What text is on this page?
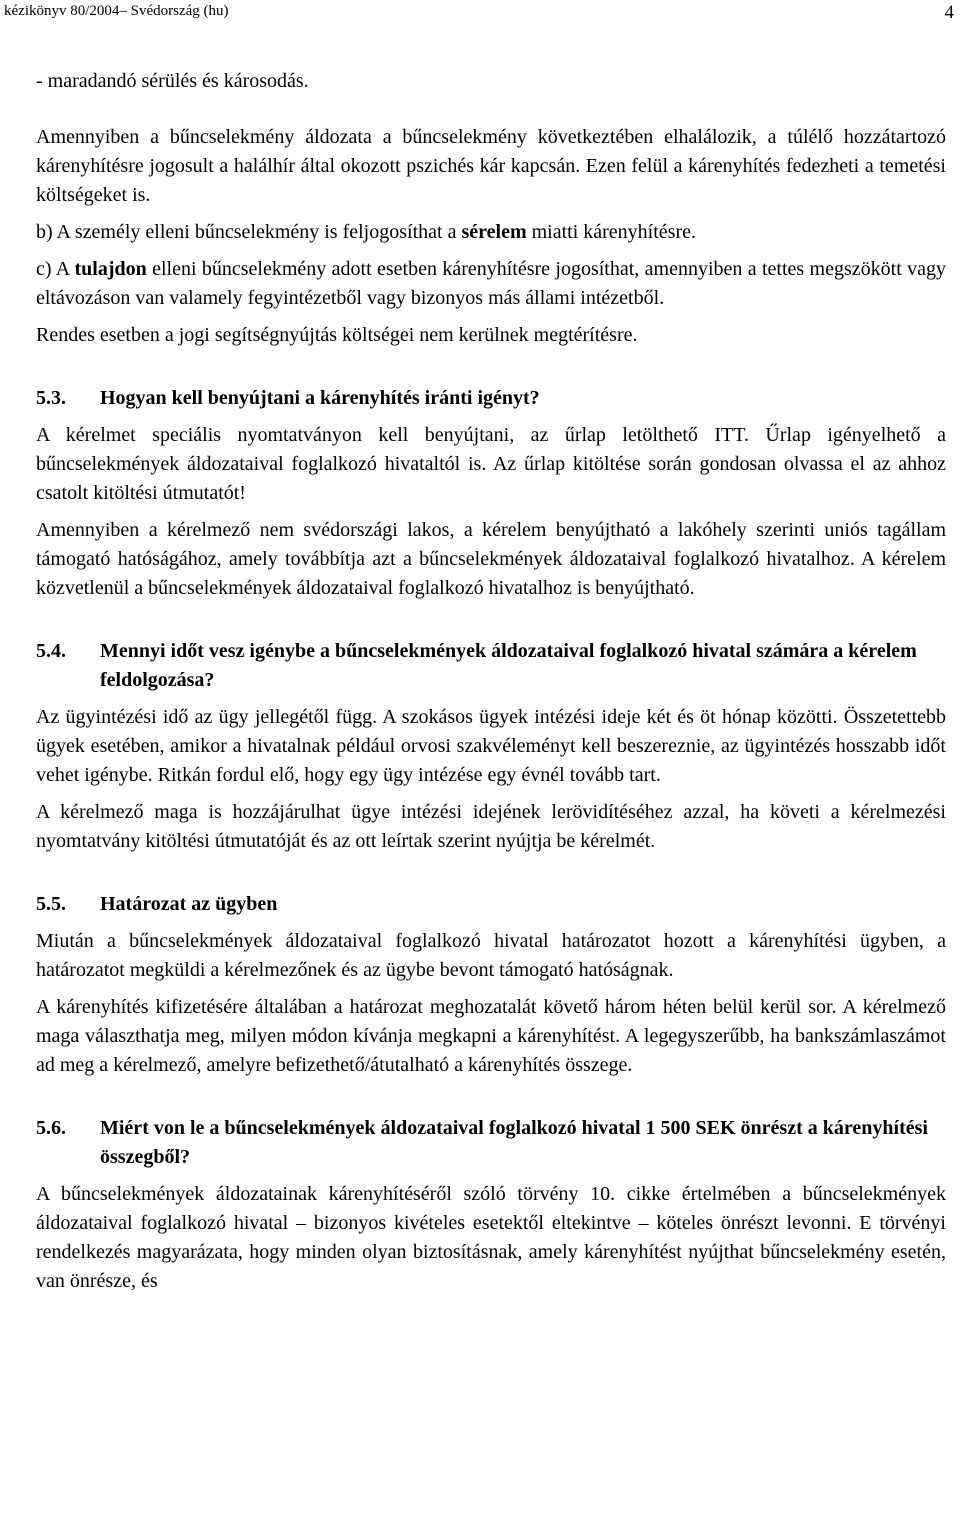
kézikönyv 80/2004– Svédország (hu)	4

- maradandó sérülés és károsodás.

Amennyiben a bűncselekmény áldozata a bűncselekmény következtében elhalálozik, a túlélő hozzátartozó kárenyhítésre jogosult a halálhír által okozott pszichés kár kapcsán. Ezen felül a kárenyhítés fedezheti a temetési költségeket is.

b) A személy elleni bűncselekmény is feljogosíthat a sérelem miatti kárenyhítésre.

c) A tulajdon elleni bűncselekmény adott esetben kárenyhítésre jogosíthat, amennyiben a tettes megszökött vagy eltávozáson van valamely fegyintézetből vagy bizonyos más állami intézetből.

Rendes esetben a jogi segítségnyújtás költségei nem kerülnek megtérítésre.

5.3.	Hogyan kell benyújtani a kárenyhítés iránti igényt?

A kérelmet speciális nyomtatványon kell benyújtani, az űrlap letölthető ITT. Űrlap igényelhető a bűncselekmények áldozataival foglalkozó hivataltól is. Az űrlap kitöltése során gondosan olvassa el az ahhoz csatolt kitöltési útmutatót!

Amennyiben a kérelmező nem svédországi lakos, a kérelem benyújtható a lakóhely szerinti uniós tagállam támogató hatóságához, amely továbbítja azt a bűncselekmények áldozataival foglalkozó hivatalhoz. A kérelem közvetlenül a bűncselekmények áldozataival foglalkozó hivatalhoz is benyújtható.

5.4.	Mennyi időt vesz igénybe a bűncselekmények áldozataival foglalkozó hivatal számára a kérelem feldolgozása?

Az ügyintézési idő az ügy jellegétől függ. A szokásos ügyek intézési ideje két és öt hónap közötti. Összetettebb ügyek esetében, amikor a hivatalnak például orvosi szakvéleményt kell beszereznie, az ügyintézés hosszabb időt vehet igénybe. Ritkán fordul elő, hogy egy ügy intézése egy évnél tovább tart.

A kérelmező maga is hozzájárulhat ügye intézési idejének lerövidítéséhez azzal, ha követi a kérelmezési nyomtatvány kitöltési útmutatóját és az ott leírtak szerint nyújtja be kérelmét.

5.5.	Határozat az ügyben

Miután a bűncselekmények áldozataival foglalkozó hivatal határozatot hozott a kárenyhítési ügyben, a határozatot megküldi a kérelmezőnek és az ügybe bevont támogató hatóságnak.

A kárenyhítés kifizetésére általában a határozat meghozatalát követő három héten belül kerül sor. A kérelmező maga választhatja meg, milyen módon kívánja megkapni a kárenyhítést. A legegyszerűbb, ha bankszámlaszámot ad meg a kérelmező, amelyre befizethető/átutalható a kárenyhítés összege.

5.6.	Miért von le a bűncselekmények áldozataival foglalkozó hivatal 1 500 SEK önrészt a kárenyhítési összegből?

A bűncselekmények áldozatainak kárenyhítéséről szóló törvény 10. cikke értelmében a bűncselekmények áldozataival foglalkozó hivatal – bizonyos kivételes esetektől eltekintve – köteles önrészt levonni. E törvényi rendelkezés magyarázata, hogy minden olyan biztosításnak, amely kárenyhítést nyújthat bűncselekmény esetén, van önrésze, és
